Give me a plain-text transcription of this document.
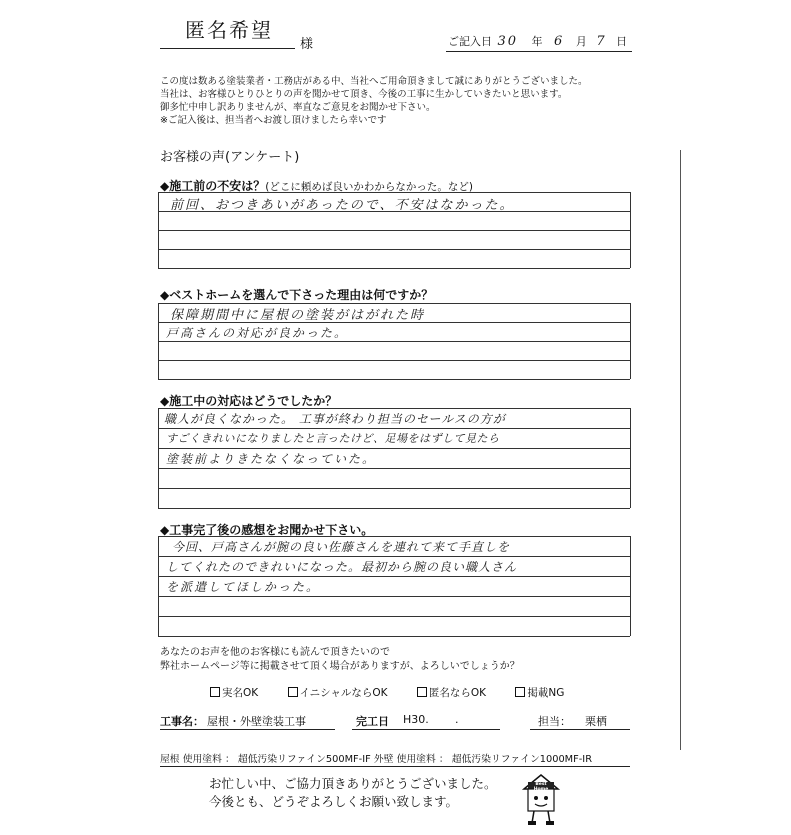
匿名希望
様	ご記入日 30 年 6 月 7 日
この度は数ある塗装業者・工務店がある中、当社へご用命頂きまして誠にありがとうございました。
当社は、お客様ひとりひとりの声を聞かせて頂き、今後の工事に生かしていきたいと思います。
御多忙中申し訳ありませんが、率直なご意見をお聞かせ下さい。
※ご記入後は、担当者へお渡し頂けましたら幸いです
お客様の声(アンケート)
◆施工前の不安は？(どこに頼めば良いかわからなかった。など)
前回、おつきあいがあったので、不安はなかった。
◆ベストホームを選んで下さった理由は何ですか？
保障期間中に屋根の塗装がはがれた時
戸高さんの対応が良かった。
◆施工中の対応はどうでしたか？
職人が良くなかった。 工事が終わり担当のセールスの方が
すごくきれいになりましたと言ったけど、足場をはずして見たら
塗装前よりきたなくなっていた。
◆工事完了後の感想をお聞かせ下さい。
今回、戸高さんが腕の良い佐藤さんを連れて来て手直しを
してくれたのできれいになった。最初から腕の良い職人さん
を派遣してほしかった。
あなたのお声を他のお客様にも読んで頂きたいので
弊社ホームページ等に掲載させて頂く場合がありますが、よろしいでしょうか？
実名OK	イニシャルならOK	匿名ならOK	掲載NG
工事名： 屋根・外壁塗装工事	完工日 H30. .	担当： 栗栖
屋根 使用塗料 ： 超低汚染リファイン500MF-IF 外壁 使用塗料 ： 超低汚染リファイン1000MF-IR
お忙しい中、ご協力頂きありがとうございました。
今後とも、どうぞよろしくお願い致します。
Best Home
